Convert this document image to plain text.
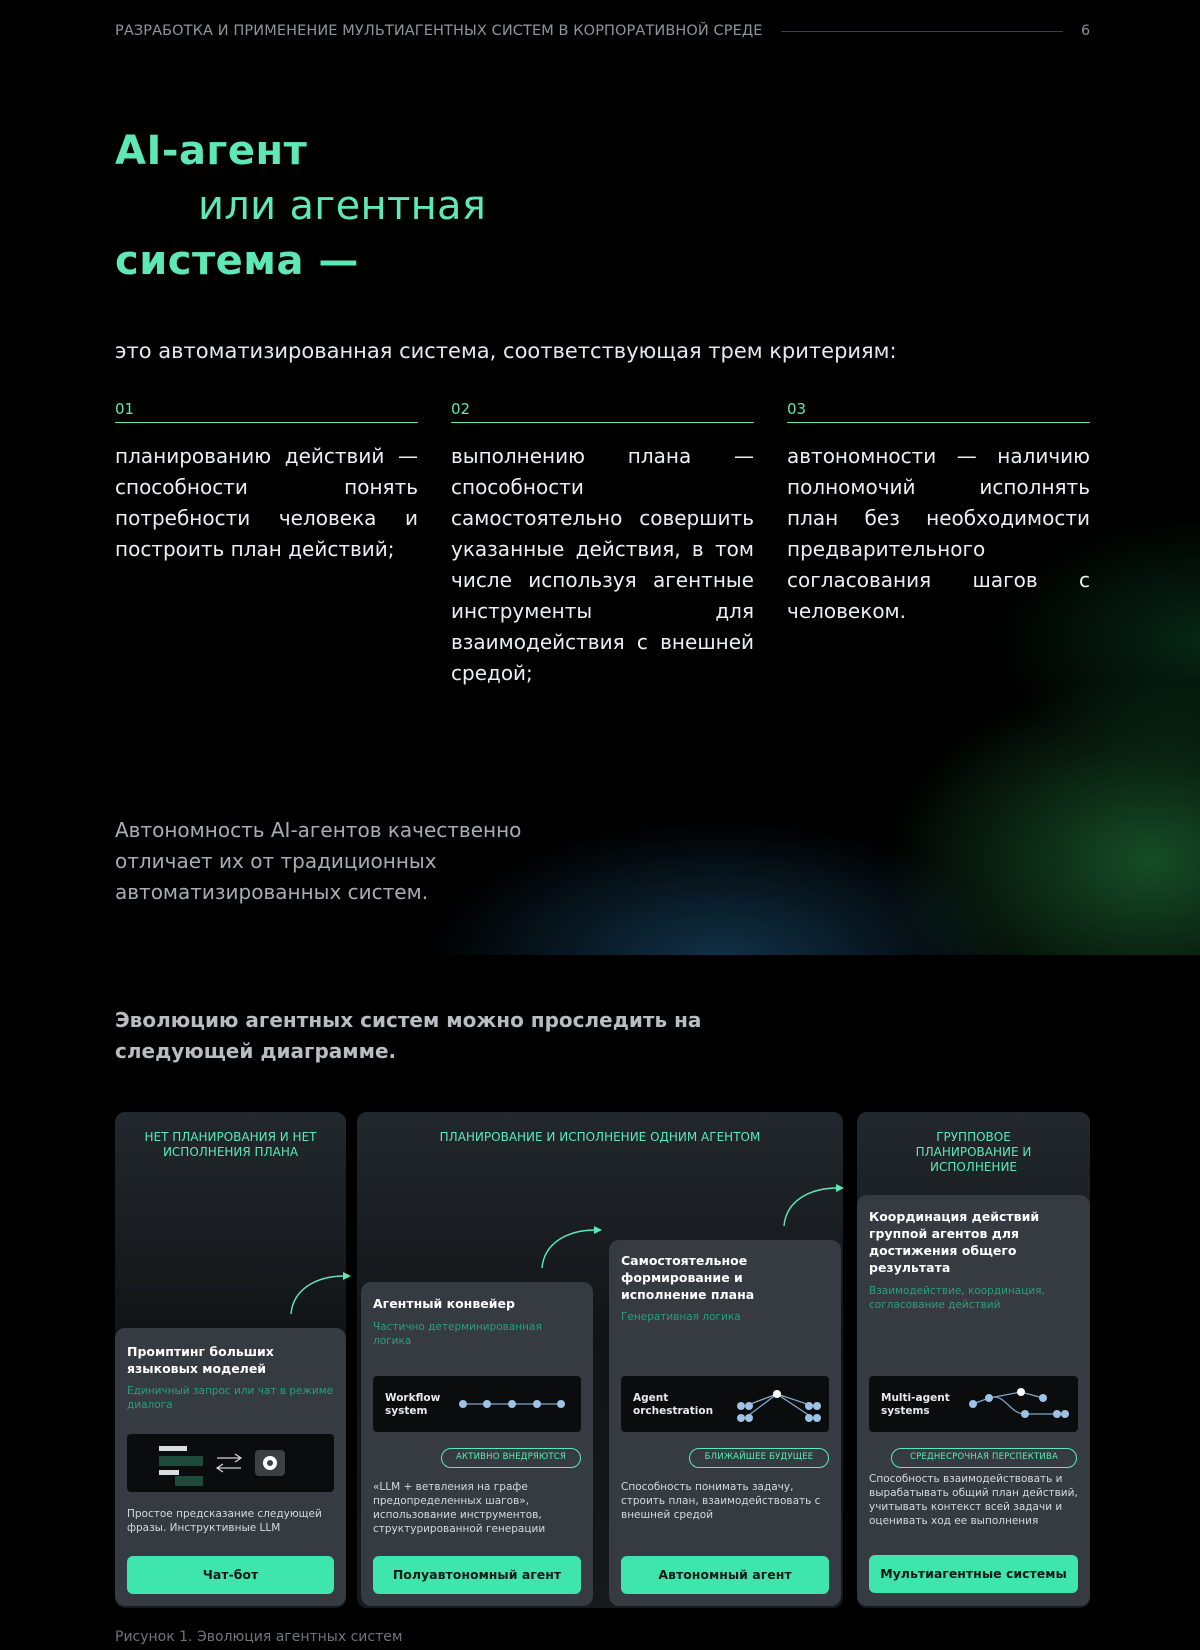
РАЗРАБОТКА И ПРИМЕНЕНИЕ МУЛЬТИАГЕНТНЫХ СИСТЕМ В КОРПОРАТИВНОЙ СРЕДЕ	6
AI-агент
или агентная
система —
это автоматизированная система, соответствующая трем критериям:
01
планированию действий — способности понять потребности человека и построить план действий;
02
выполнению плана — способности самостоятельно совершить указанные действия, в том числе используя агентные инструменты для взаимодействия с внешней средой;
03
автономности — наличию полномочий исполнять план без необходимости предварительного согласования шагов с человеком.
Автономность AI-агентов качественно отличает их от традиционных автоматизированных систем.
Эволюцию агентных систем можно проследить на следующей диаграмме.
НЕТ ПЛАНИРОВАНИЯ И НЕТ ИСПОЛНЕНИЯ ПЛАНА
ПЛАНИРОВАНИЕ И ИСПОЛНЕНИЕ ОДНИМ АГЕНТОМ	ГРУППОВОЕ ПЛАНИРОВАНИЕ И ИСПОЛНЕНИЕ
Промптинг больших языковых моделей
Единичный запрос или чат в режиме диалога
Простое предсказание следующей фразы. Инструктивные LLM
Чат-бот
Агентный конвейер
Частично детерминированная логика
Workflow system
АКТИВНО ВНЕДРЯЮТСЯ
«LLM + ветвления на графе предопределенных шагов», использование инструментов, структурированной генерации
Полуавтономный агент
Самостоятельное формирование и исполнение плана
Генеративная логика
Agent orchestration
БЛИЖАЙШЕЕ БУДУЩЕЕ
Способность понимать задачу, строить план, взаимодействовать с внешней средой
Автономный агент
Координация действий группой агентов для достижения общего результата
Взаимодействие, координация, согласование действий
Multi-agent systems
СРЕДНЕСРОЧНАЯ ПЕРСПЕКТИВА
Способность взаимодействовать и вырабатывать общий план действий, учитывать контекст всей задачи и оценивать ход ее выполнения
Мультиагентные системы
Рисунок 1. Эволюция агентных систем
